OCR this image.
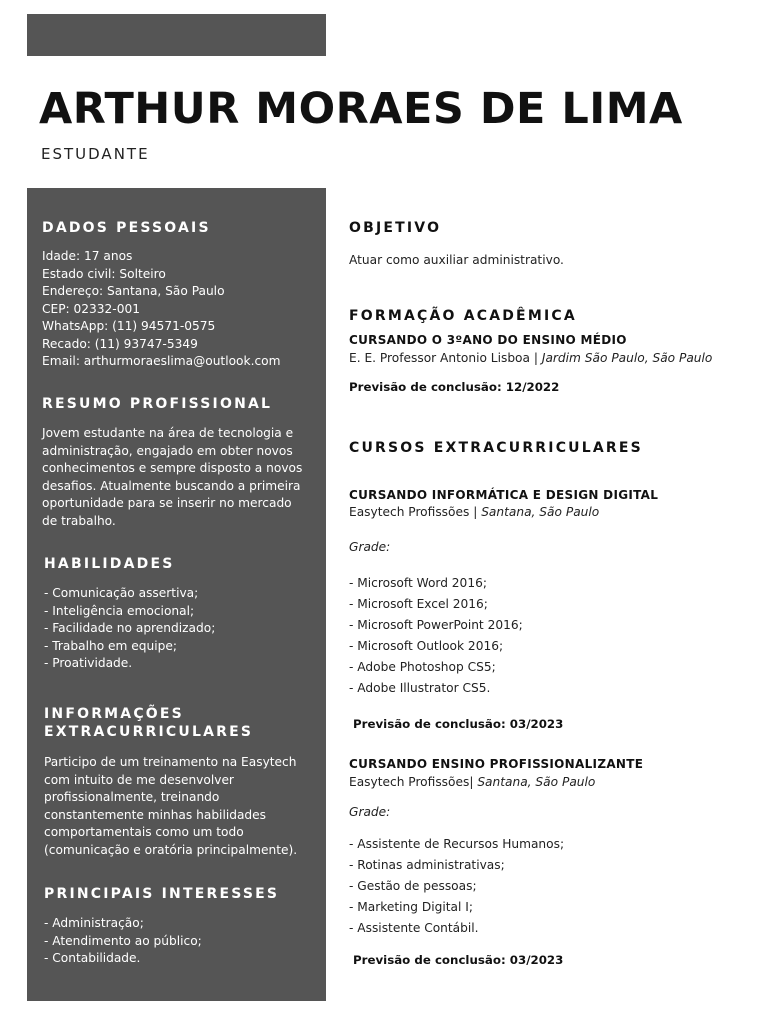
ARTHUR MORAES DE LIMA
ESTUDANTE
DADOS PESSOAIS
Idade: 17 anos
Estado civil: Solteiro
Endereço: Santana, São Paulo
CEP: 02332-001
WhatsApp: (11) 94571-0575
Recado: (11) 93747-5349
Email: arthurmoraeslima@outlook.com
RESUMO PROFISSIONAL
Jovem estudante na área de tecnologia e
administração, engajado em obter novos
conhecimentos e sempre disposto a novos
desafios. Atualmente buscando a primeira
oportunidade para se inserir no mercado
de trabalho.
HABILIDADES
- Comunicação assertiva;
- Inteligência emocional;
- Facilidade no aprendizado;
- Trabalho em equipe;
- Proatividade.
INFORMAÇÕES
EXTRACURRICULARES
Participo de um treinamento na Easytech
com intuito de me desenvolver
profissionalmente, treinando
constantemente minhas habilidades
comportamentais como um todo
(comunicação e oratória principalmente).
PRINCIPAIS INTERESSES
- Administração;
- Atendimento ao público;
- Contabilidade.
OBJETIVO
Atuar como auxiliar administrativo.
FORMAÇÃO ACADÊMICA
CURSANDO O 3ºANO DO ENSINO MÉDIO
E. E. Professor Antonio Lisboa | Jardim São Paulo, São Paulo
Previsão de conclusão: 12/2022
CURSOS EXTRACURRICULARES
CURSANDO INFORMÁTICA E DESIGN DIGITAL
Easytech Profissões | Santana, São Paulo
Grade:
- Microsoft Word 2016;
- Microsoft Excel 2016;
- Microsoft PowerPoint 2016;
- Microsoft Outlook 2016;
- Adobe Photoshop CS5;
- Adobe Illustrator CS5.
Previsão de conclusão: 03/2023
CURSANDO ENSINO PROFISSIONALIZANTE
Easytech Profissões| Santana, São Paulo
Grade:
- Assistente de Recursos Humanos;
- Rotinas administrativas;
- Gestão de pessoas;
- Marketing Digital I;
- Assistente Contábil.
Previsão de conclusão: 03/2023
